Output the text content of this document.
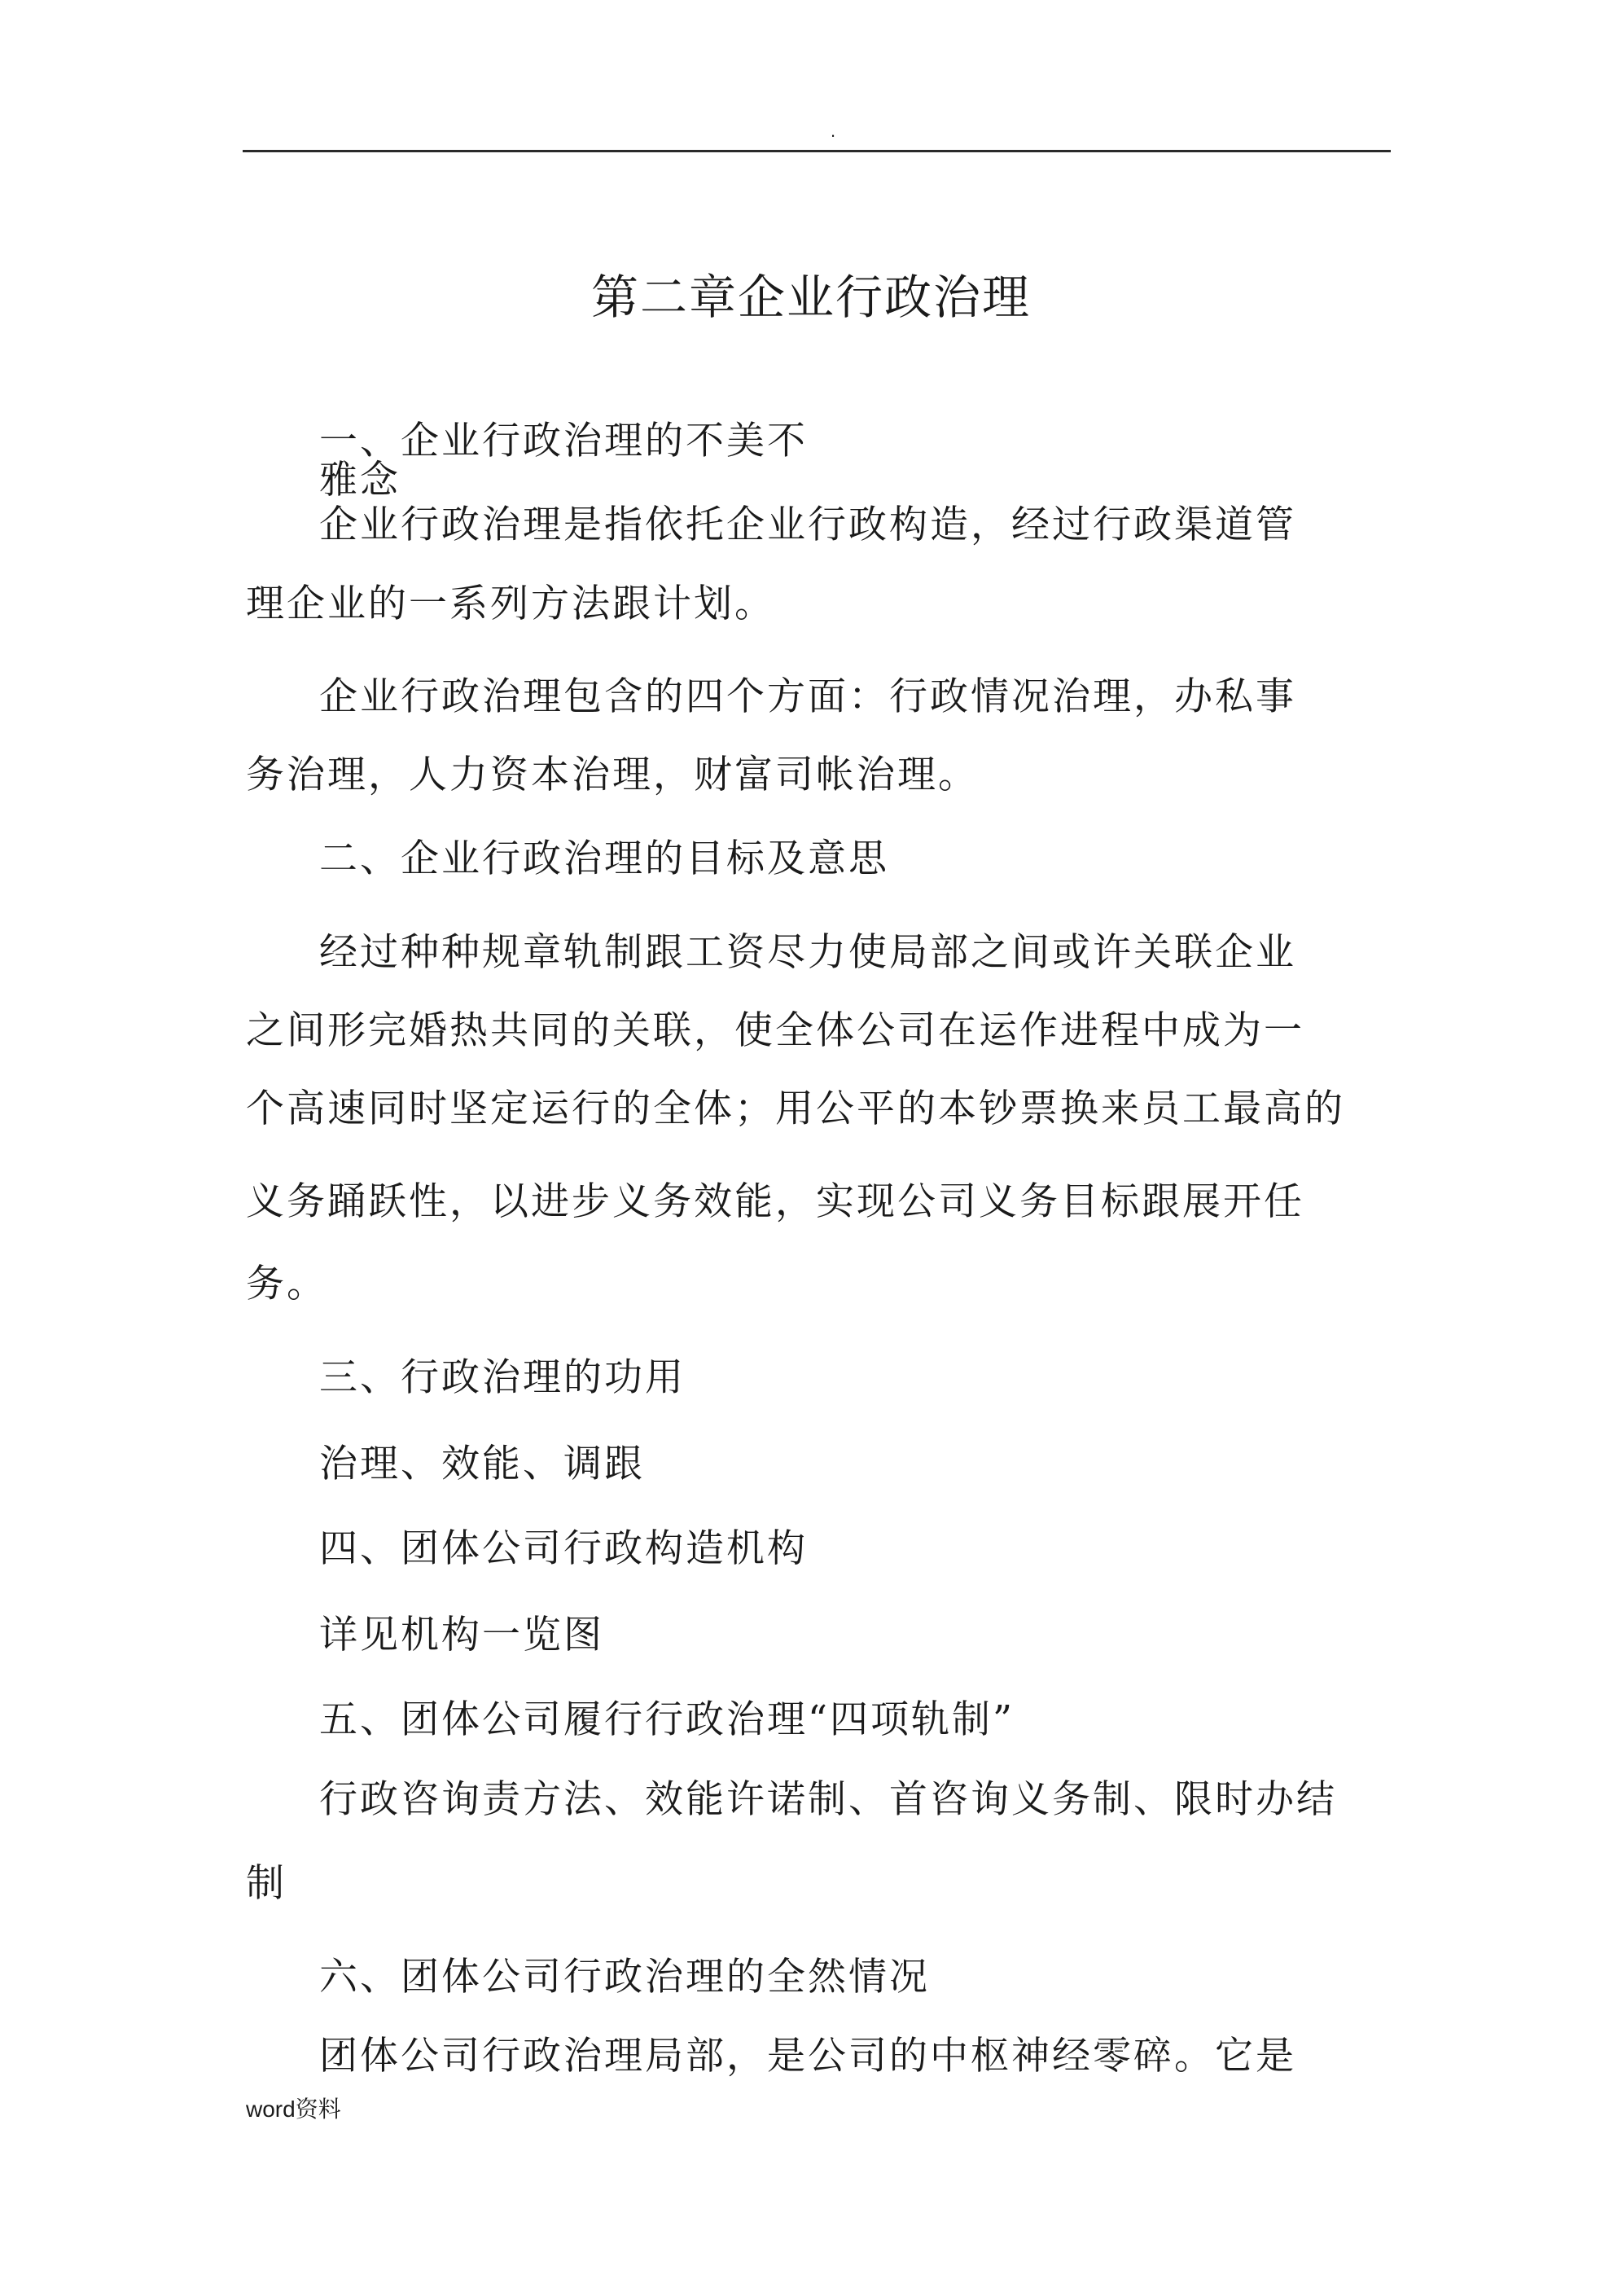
.
第二章企业行政治理
一、企业行政治理的不美不
雅念
企业行政治理是指依托企业行政构造，经过行政渠道管
理企业的一系列方法跟计划。
企业行政治理包含的四个方面：行政情况治理，办私事
务治理，人力资本治理，财富司帐治理。
二、企业行政治理的目标及意思
经过种种规章轨制跟工资尽力使局部之间或许关联企业
之间形完婚热共同的关联，使全体公司在运作进程中成为一
个高速同时坚定运行的全体；用公平的本钞票换来员工最高的
义务踊跃性，以进步义务效能，实现公司义务目标跟展开任
务。
三、行政治理的功用
治理、效能、调跟
四、团体公司行政构造机构
详见机构一览图
五、团体公司履行行政治理“四项轨制”
行政咨询责方法、效能许诺制、首咨询义务制、限时办结
制
六、团体公司行政治理的全然情况
团体公司行政治理局部，是公司的中枢神经零碎。它是
word资料
